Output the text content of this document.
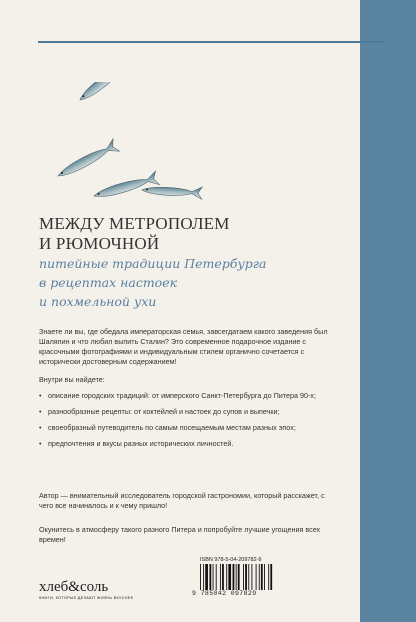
МЕЖДУ МЕТРОПОЛЕМ
И РЮМОЧНОЙ
питейные традиции Петербурга
в рецептах настоек
и похмельной ухи
Знаете ли вы, где обедала императорская семья, завсегдатаем какого заведения был Шаляпин и что любил выпить Сталин? Это современное подарочное издание с красочными фотографиями и индивидуальным стилем органично сочетается с исторически достоверным содержанием!
Внутри вы найдете:
• описание городских традиций: от имперского Санкт-Петербурга до Питера 90-х;
• разнообразные рецепты: от коктейлей и настоек до супов и выпечки;
• своеобразный путеводитель по самым посещаемым местам разных эпох;
• предпочтения и вкусы разных исторических личностей.
Автор — внимательный исследователь городской гастрономии, который расскажет, с чего все начиналось и к чему пришло!
Окунитесь в атмосферу такого разного Питера и попробуйте лучшие угощения всех времен!
ISBN 978-5-04-209782-9
9 785042 097829
хлеб&соль
КНИГИ, КОТОРЫЕ ДЕЛАЮТ ЖИЗНЬ ВКУСНЕЕ
